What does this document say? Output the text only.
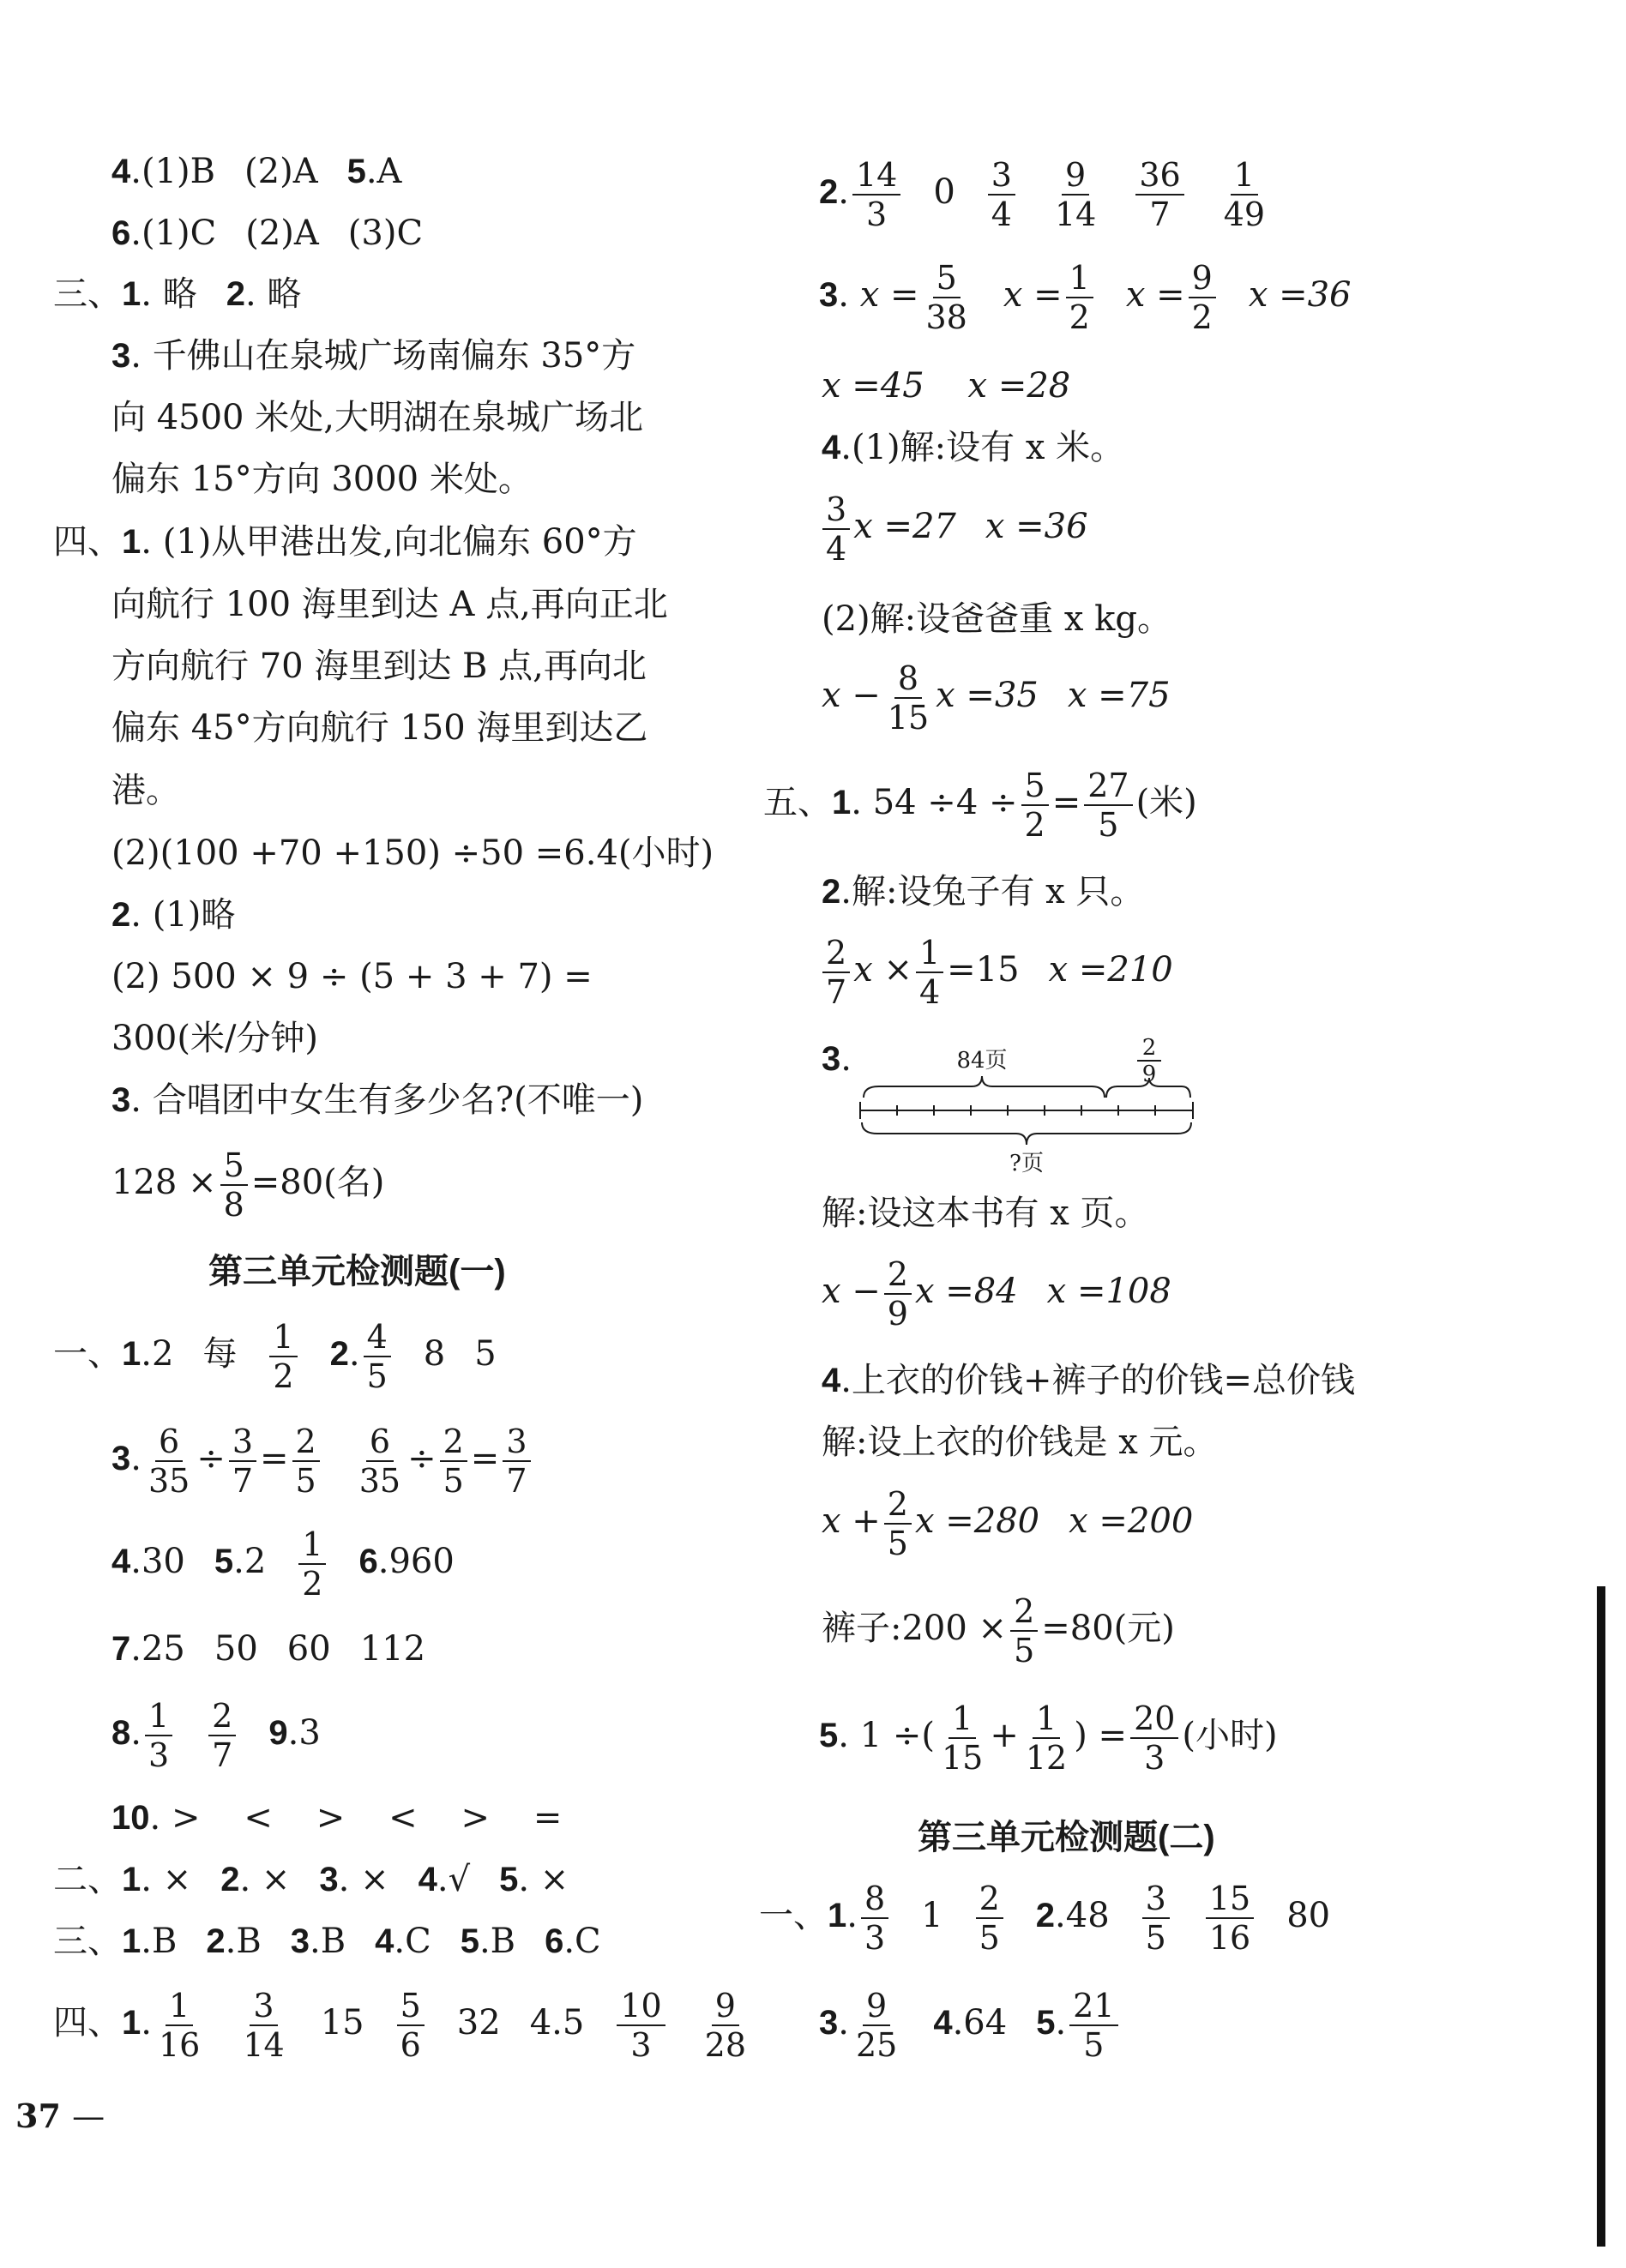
4.(1)B (2)A 5.A
6.(1)C (2)A (3)C
三、1. 略 2. 略
3. 千佛山在泉城广场南偏东 35°方
向 4500 米处,大明湖在泉城广场北
偏东 15°方向 3000 米处。
四、1. (1)从甲港出发,向北偏东 60°方
向航行 100 海里到达 A 点,再向正北
方向航行 70 海里到达 B 点,再向北
偏东 45°方向航行 150 海里到达乙
港。
(2)(100 +70 +150) ÷50 =6.4(小时)
2. (1)略
(2) 500 × 9 ÷ (5 + 3 + 7) =
300(米/分钟)
3. 合唱团中女生有多少名?(不唯一)
$128 \times \frac{5}{8} =80$(名)
第三单元检测题(一)
一、1.2 每 $\frac{1}{2} 2$. $\frac{4}{5} 8$ 5
3. $\frac{6}{35} \div \frac{3}{7} = \frac{2}{5} \frac{6}{35} \div \frac{2}{5} = \frac{3}{7}$
4.30 $5.2 \frac{1}{2} 6.960$
7.25 50 60 112
8. $\frac{1}{3} \frac{2}{7} 9.3$
10. >    <    >    <    >    =
二、1. × 2. × 3. × 4.√ 5. ×
三、1.B 2.B 3.B 4.C 5.B 6.C
四、1. $\frac{1}{16} \frac{3}{14} 15 \frac{5}{6} 32$ $4.5 \frac{10}{3} \frac{9}{28}$
2. $\frac{14}{3} 0 \frac{3}{4} \frac{9}{14} \frac{36}{7} \frac{1}{49}$
3. $x = \frac{5}{38}$ $x = \frac{1}{2}$ $x = \frac{9}{2}$ x =36
x =45    x =28
4.(1)解:设有 x 米。
$\frac{3}{4}$ x =27 x =36
(2)解:设爸爸重 x kg。
$x - \frac{8}{15}$ x =35 x =75
五、1. $54 \div 4 \div \frac{5}{2} = \frac{27}{5}$ (米)
2.解:设兔子有 x 只。
$\frac{2}{7}$ $x \times \frac{1}{4} =15$ x =210
3.	84页	2
9
?页
解:设这本书有 x 页。
$x - \frac{2}{9}$ x =84 x =108
4.上衣的价钱+裤子的价钱=总价钱
解:设上衣的价钱是 x 元。
$x + \frac{2}{5}$ x =280 x =200
裤子:200 × $\frac{2}{5} =80$(元)
5. 1 ÷( $\frac{1}{15} + \frac{1}{12}$ ) = $\frac{20}{3}$ (小时)
第三单元检测题(二)
一、1. $\frac{8}{3} 1 \frac{2}{5} 2.48 \frac{3}{5} \frac{15}{16} 80$
3. $\frac{9}{25} 4.64$ 5. $\frac{21}{5}$
37 —
